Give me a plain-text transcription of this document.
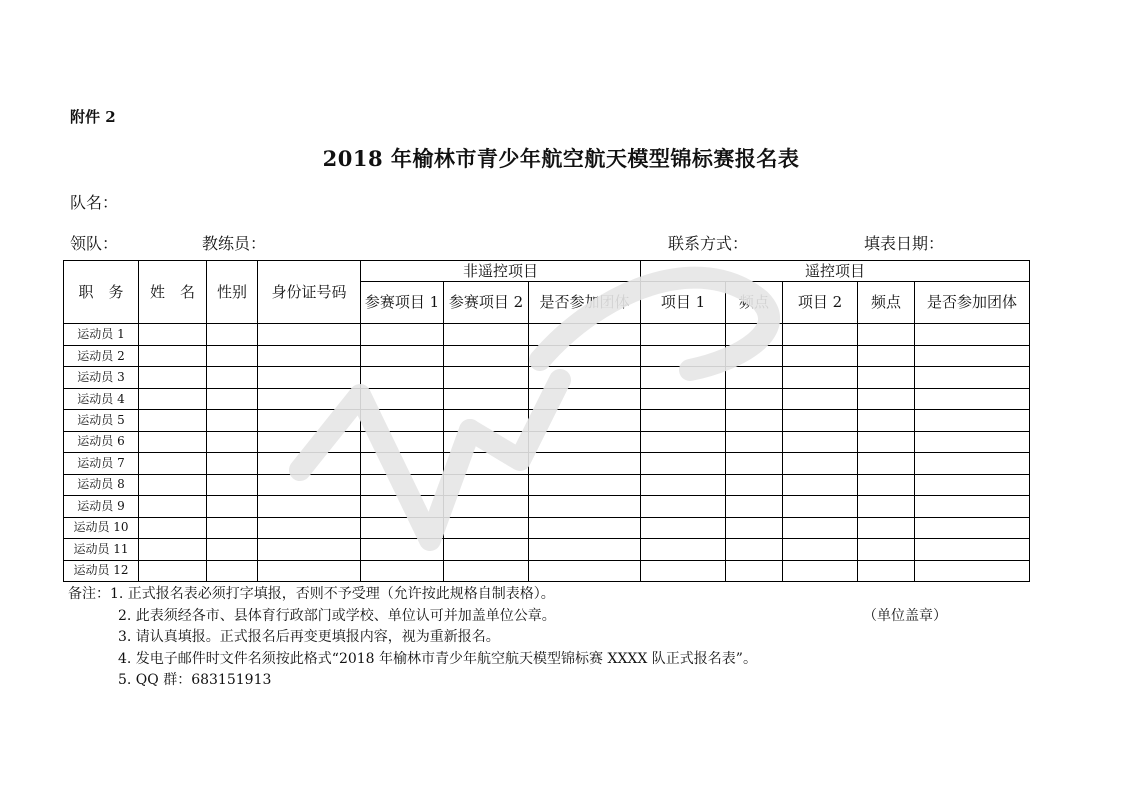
附件 2
2018 年榆林市青少年航空航天模型锦标赛报名表
队名：
领队：	教练员：	联系方式：	填表日期：
职　务	姓　名	性别	身份证号码	非遥控项目			遥控项目				
				参赛项目 1	参赛项目 2	是否参加团体	项目 1	频点	项目 2	频点	是否参加团体
运动员 1											
运动员 2											
运动员 3											
运动员 4											
运动员 5											
运动员 6											
运动员 7											
运动员 8											
运动员 9											
运动员 10											
运动员 11											
运动员 12											
备注：1. 正式报名表必须打字填报，否则不予受理（允许按此规格自制表格）。
2. 此表须经各市、县体育行政部门或学校、单位认可并加盖单位公章。
3. 请认真填报。正式报名后再变更填报内容，视为重新报名。
4. 发电子邮件时文件名须按此格式“2018 年榆林市青少年航空航天模型锦标赛 XXXX 队正式报名表”。
5. QQ 群：683151913
（单位盖章）
